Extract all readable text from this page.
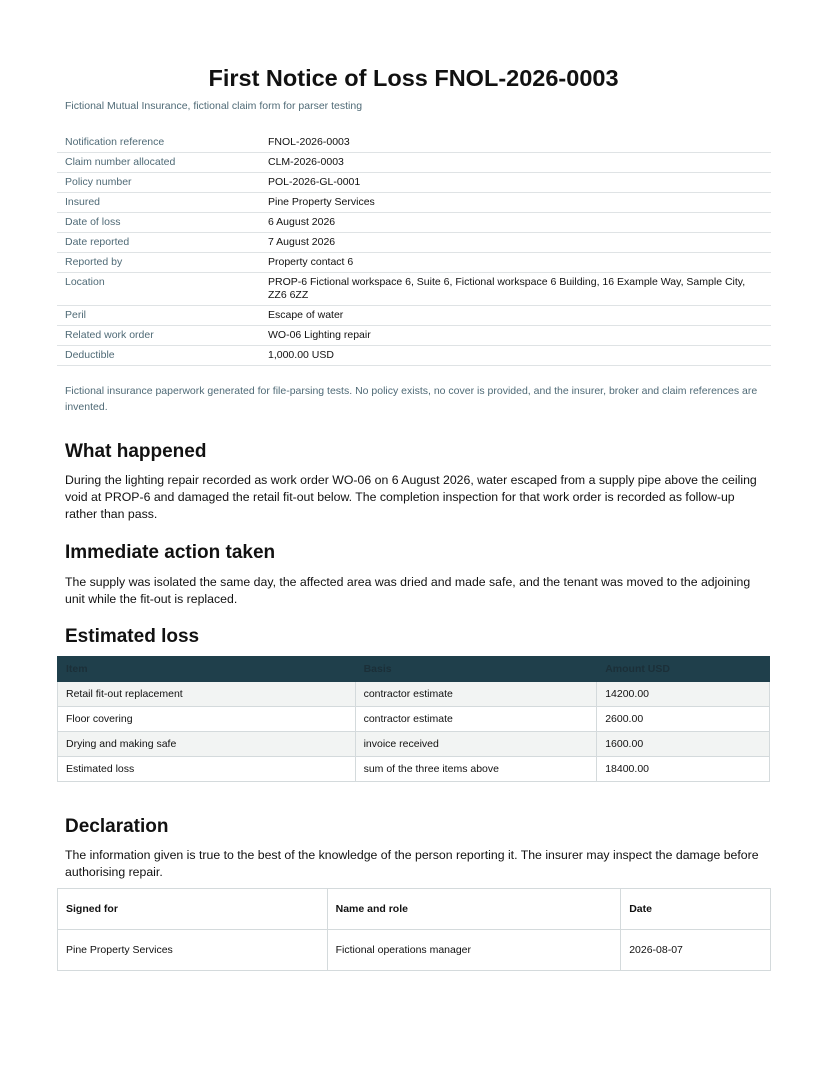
First Notice of Loss FNOL-2026-0003

Fictional Mutual Insurance, fictional claim form for parser testing

Notification reference	FNOL-2026-0003
Claim number allocated	CLM-2026-0003
Policy number	POL-2026-GL-0001
Insured	Pine Property Services
Date of loss	6 August 2026
Date reported	7 August 2026
Reported by	Property contact 6
Location	PROP-6 Fictional workspace 6, Suite 6, Fictional workspace 6 Building, 16 Example Way, Sample City, ZZ6 6ZZ
Peril	Escape of water
Related work order	WO-06 Lighting repair
Deductible	1,000.00 USD

Fictional insurance paperwork generated for file-parsing tests. No policy exists, no cover is provided, and the insurer, broker and claim references are invented.

What happened

During the lighting repair recorded as work order WO-06 on 6 August 2026, water escaped from a supply pipe above the ceiling void at PROP-6 and damaged the retail fit-out below. The completion inspection for that work order is recorded as follow-up rather than pass.

Immediate action taken

The supply was isolated the same day, the affected area was dried and made safe, and the tenant was moved to the adjoining unit while the fit-out is replaced.

Estimated loss
Item	Basis	Amount USD
Retail fit-out replacement	contractor estimate	14200.00
Floor covering	contractor estimate	2600.00
Drying and making safe	invoice received	1600.00
Estimated loss	sum of the three items above	18400.00
Declaration

The information given is true to the best of the knowledge of the person reporting it. The insurer may inspect the damage before authorising repair.

Signed for	Name and role	Date
Pine Property Services	Fictional operations manager	2026-08-07
